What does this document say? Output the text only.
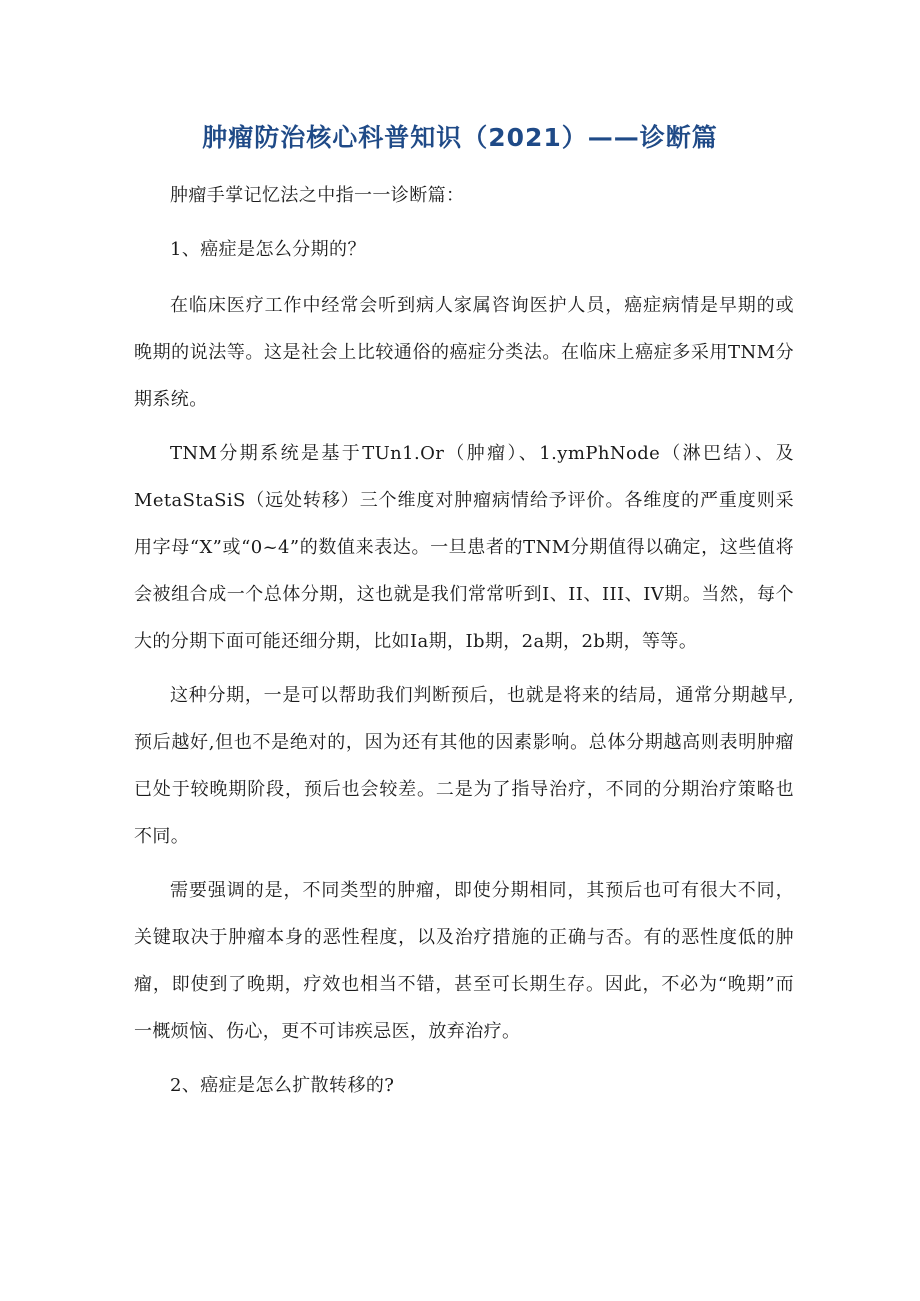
肿瘤防治核心科普知识（2021）——诊断篇

肿瘤手掌记忆法之中指一一诊断篇：

1、癌症是怎么分期的？

在临床医疗工作中经常会听到病人家属咨询医护人员，癌症病情是早期的或晚期的说法等。这是社会上比较通俗的癌症分类法。在临床上癌症多采用TNM分期系统。

TNM分期系统是基于TUn1.Or（肿瘤）、1.ymPhNode（淋巴结）、及MetaStaSiS（远处转移）三个维度对肿瘤病情给予评价。各维度的严重度则采用字母“X”或“0~4”的数值来表达。一旦患者的TNM分期值得以确定，这些值将会被组合成一个总体分期，这也就是我们常常听到I、II、III、IV期。当然，每个大的分期下面可能还细分期，比如Ia期，Ib期，2a期，2b期，等等。

这种分期，一是可以帮助我们判断预后，也就是将来的结局，通常分期越早,预后越好,但也不是绝对的，因为还有其他的因素影响。总体分期越高则表明肿瘤已处于较晚期阶段，预后也会较差。二是为了指导治疗，不同的分期治疗策略也不同。

需要强调的是，不同类型的肿瘤，即使分期相同，其预后也可有很大不同，关键取决于肿瘤本身的恶性程度，以及治疗措施的正确与否。有的恶性度低的肿瘤，即使到了晚期，疗效也相当不错，甚至可长期生存。因此，不必为“晚期”而一概烦恼、伤心，更不可讳疾忌医，放弃治疗。

2、癌症是怎么扩散转移的?
